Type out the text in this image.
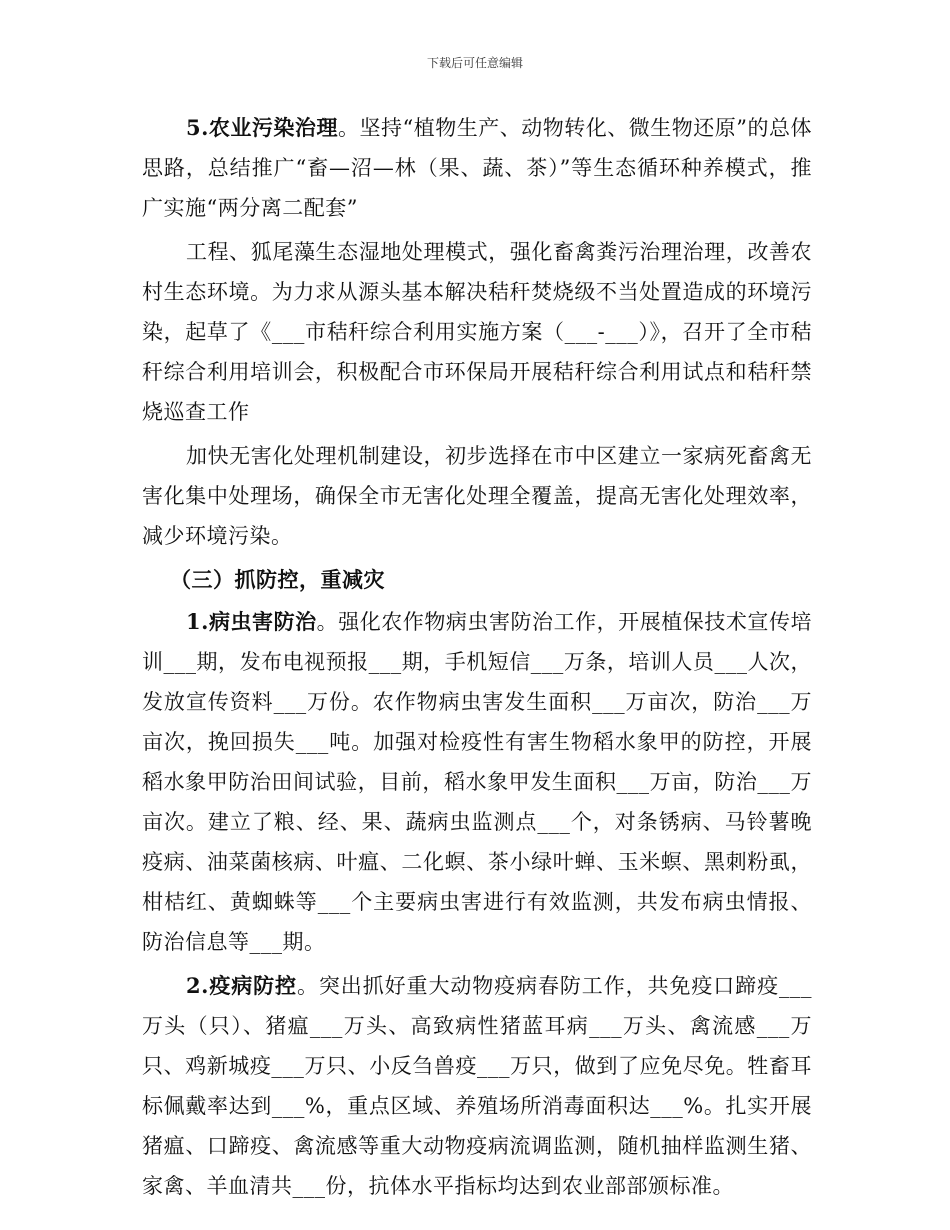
下载后可任意编辑

5.农业污染治理。坚持“植物生产、动物转化、微生物还原”的总体思路，总结推广“畜—沼—林（果、蔬、茶）”等生态循环种养模式，推广实施“两分离二配套”

工程、狐尾藻生态湿地处理模式，强化畜禽粪污治理治理，改善农村生态环境。为力求从源头基本解决秸秆焚烧级不当处置造成的环境污染，起草了《___市秸秆综合利用实施方案（___-___）》，召开了全市秸秆综合利用培训会，积极配合市环保局开展秸秆综合利用试点和秸秆禁烧巡查工作

加快无害化处理机制建设，初步选择在市中区建立一家病死畜禽无害化集中处理场，确保全市无害化处理全覆盖，提高无害化处理效率，减少环境污染。

（三）抓防控，重减灾

1.病虫害防治。强化农作物病虫害防治工作，开展植保技术宣传培训___期，发布电视预报___期，手机短信___万条，培训人员___人次，发放宣传资料___万份。农作物病虫害发生面积___万亩次，防治___万亩次，挽回损失___吨。加强对检疫性有害生物稻水象甲的防控，开展稻水象甲防治田间试验，目前，稻水象甲发生面积___万亩，防治___万亩次。建立了粮、经、果、蔬病虫监测点___个，对条锈病、马铃薯晚疫病、油菜菌核病、叶瘟、二化螟、茶小绿叶蝉、玉米螟、黑刺粉虱，柑桔红、黄蜘蛛等___个主要病虫害进行有效监测，共发布病虫情报、防治信息等___期。

2.疫病防控。突出抓好重大动物疫病春防工作，共免疫口蹄疫___万头（只）、猪瘟___万头、高致病性猪蓝耳病___万头、禽流感___万只、鸡新城疫___万只、小反刍兽疫___万只，做到了应免尽免。牲畜耳标佩戴率达到___%，重点区域、养殖场所消毒面积达___%。扎实开展猪瘟、口蹄疫、禽流感等重大动物疫病流调监测，随机抽样监测生猪、家禽、羊血清共___份，抗体水平指标均达到农业部部颁标准。
